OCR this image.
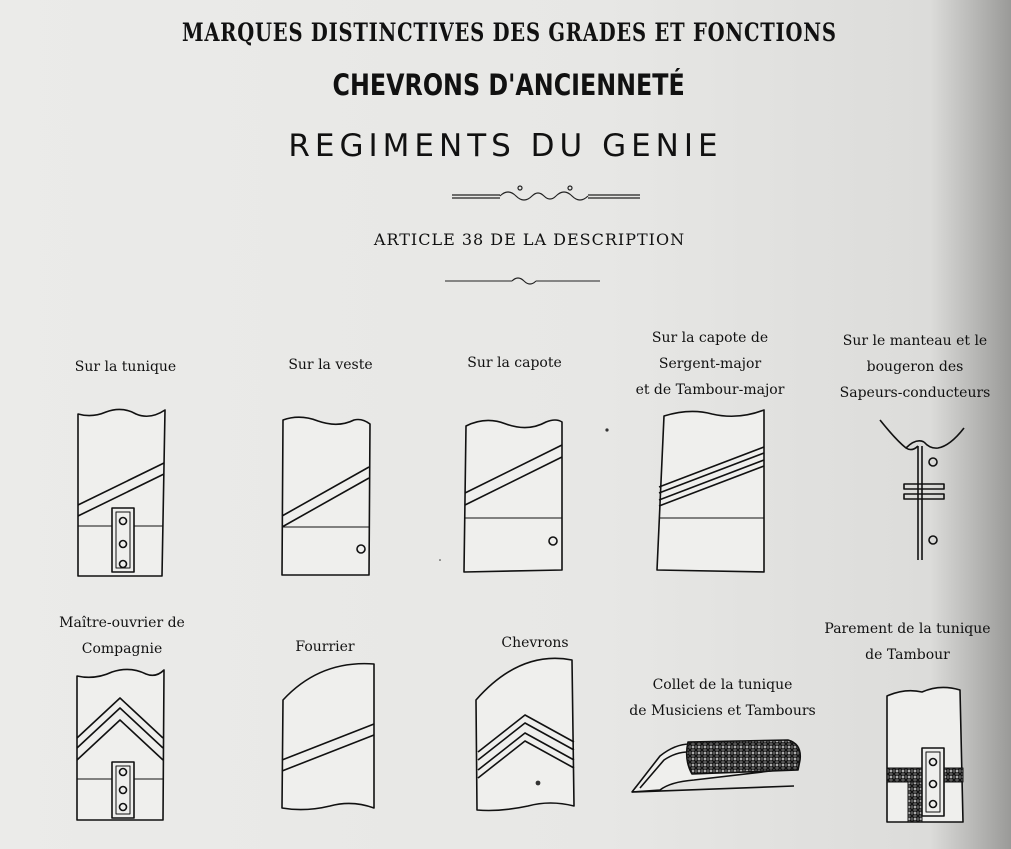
MARQUES DISTINCTIVES DES GRADES ET FONCTIONS
CHEVRONS D'ANCIENNETÉ
REGIMENTS DU GENIE
ARTICLE 38 DE LA DESCRIPTION
Sur la tunique	Sur la veste	Sur la capote
Sur la capote de
Sergent-major
et de Tambour-major
Sur le manteau et le
bougeron des
Sapeurs-conducteurs
Maître-ouvrier de
Compagnie	Fourrier	Chevrons
Collet de la tunique
de Musiciens et Tambours
Parement de la tunique
de Tambour
